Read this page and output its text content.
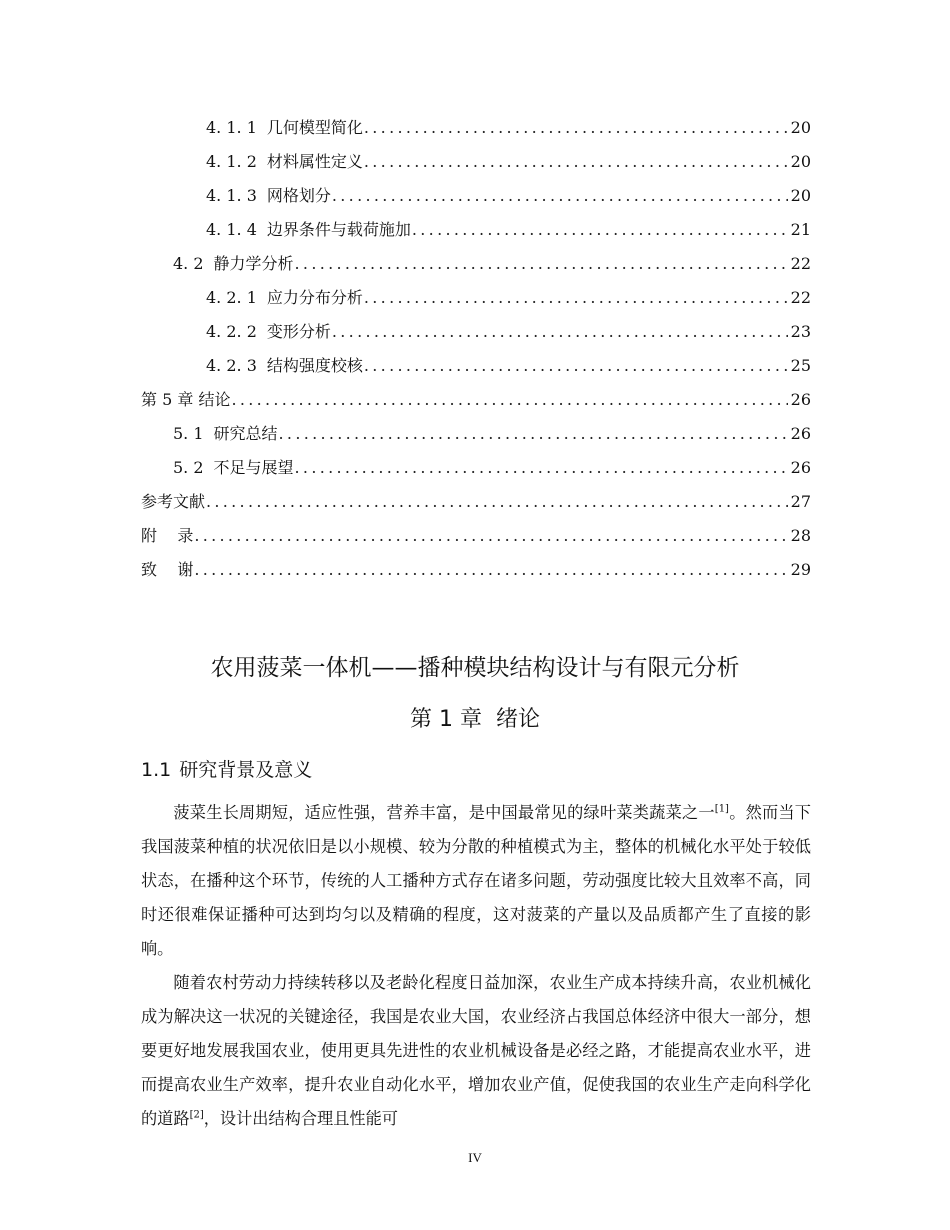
4. 1. 1 几何模型简化 .....	20
4. 1. 2 材料属性定义 .....	20
4. 1. 3 网格划分 .....	20
4. 1. 4 边界条件与载荷施加 .....	21
4. 2 静力学分析 .....	22
4. 2. 1 应力分布分析 .....	22
4. 2. 2 变形分析 .....	23
4. 2. 3 结构强度校核 .....	25
第 5 章 结论 .....	26
5. 1 研究总结 .....	26
5. 2 不足与展望 .....	26
参考文献 .....	27
附    录 .....	28
致    谢 .....	29
农用菠菜一体机——播种模块结构设计与有限元分析
第 1 章  绪论
1.1 研究背景及意义

菠菜生长周期短，适应性强，营养丰富，是中国最常见的绿叶菜类蔬菜之一[1]。然而当下我国菠菜种植的状况依旧是以小规模、较为分散的种植模式为主，整体的机械化水平处于较低状态，在播种这个环节，传统的人工播种方式存在诸多问题，劳动强度比较大且效率不高，同时还很难保证播种可达到均匀以及精确的程度，这对菠菜的产量以及品质都产生了直接的影响。

随着农村劳动力持续转移以及老龄化程度日益加深，农业生产成本持续升高，农业机械化成为解决这一状况的关键途径，我国是农业大国，农业经济占我国总体经济中很大一部分，想要更好地发展我国农业，使用更具先进性的农业机械设备是必经之路，才能提高农业水平，进而提高农业生产效率，提升农业自动化水平，增加农业产值，促使我国的农业生产走向科学化的道路[2]，设计出结构合理且性能可

IV
